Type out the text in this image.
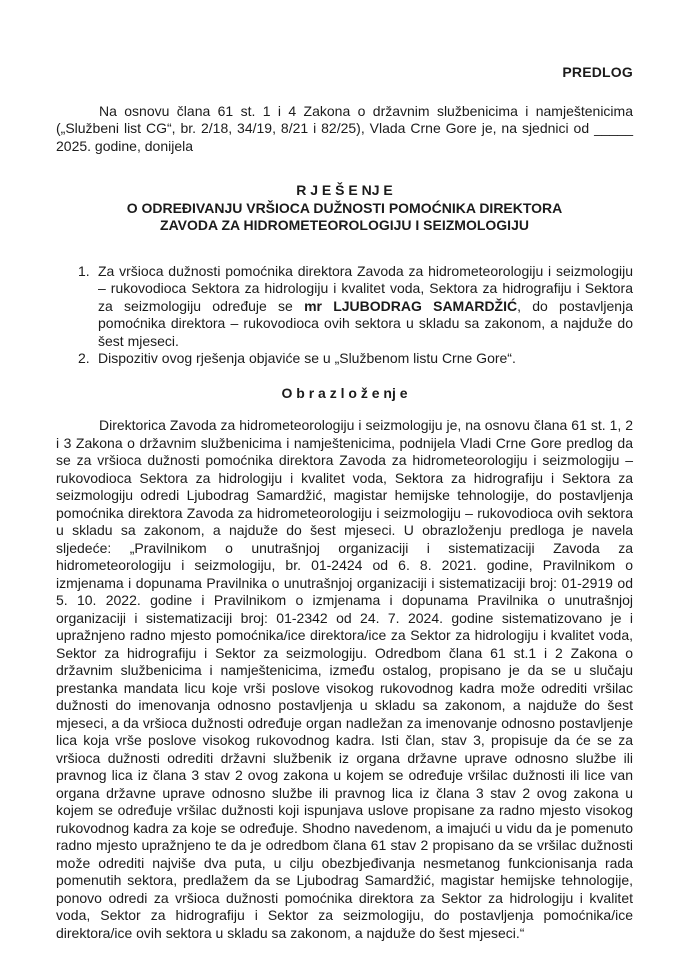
PREDLOG

Na osnovu člana 61 st. 1 i 4 Zakona o državnim službenicima i namještenicima („Službeni list CG“, br. 2/18, 34/19, 8/21 i 82/25), Vlada Crne Gore je, na sjednici od _____ 2025. godine, donijela

R J E Š E NJ E
O ODREĐIVANJU VRŠIOCA DUŽNOSTI POMOĆNIKA DIREKTORA
ZAVODA ZA HIDROMETEOROLOGIJU I SEIZMOLOGIJU
1. Za vršioca dužnosti pomoćnika direktora Zavoda za hidrometeorologiju i seizmologiju – rukovodioca Sektora za hidrologiju i kvalitet voda, Sektora za hidrografiju i Sektora za seizmologiju određuje se mr LJUBODRAG SAMARDŽIĆ, do postavljenja pomoćnika direktora – rukovodioca ovih sektora u skladu sa zakonom, a najduže do šest mjeseci.
2. Dispozitiv ovog rješenja objaviće se u „Službenom listu Crne Gore“.
O b r a z l o ž e nj e

Direktorica Zavoda za hidrometeorologiju i seizmologiju je, na osnovu člana 61 st. 1, 2 i 3 Zakona o državnim službenicima i namještenicima, podnijela Vladi Crne Gore predlog da se za vršioca dužnosti pomoćnika direktora Zavoda za hidrometeorologiju i seizmologiju – rukovodioca Sektora za hidrologiju i kvalitet voda, Sektora za hidrografiju i Sektora za seizmologiju odredi Ljubodrag Samardžić, magistar hemijske tehnologije, do postavljenja pomoćnika direktora Zavoda za hidrometeorologiju i seizmologiju – rukovodioca ovih sektora u skladu sa zakonom, a najduže do šest mjeseci. U obrazloženju predloga je navela sljedeće: „Pravilnikom o unutrašnjoj organizaciji i sistematizaciji Zavoda za hidrometeorologiju i seizmologiju, br. 01-2424 od 6. 8. 2021. godine, Pravilnikom o izmjenama i dopunama Pravilnika o unutrašnjoj organizaciji i sistematizaciji broj: 01-2919 od 5. 10. 2022. godine i Pravilnikom o izmjenama i dopunama Pravilnika o unutrašnjoj organizaciji i sistematizaciji broj: 01-2342 od 24. 7. 2024. godine sistematizovano je i upražnjeno radno mjesto pomoćnika/ice direktora/ice za Sektor za hidrologiju i kvalitet voda, Sektor za hidrografiju i Sektor za seizmologiju. Odredbom člana 61 st.1 i 2 Zakona o državnim službenicima i namještenicima, između ostalog, propisano je da se u slučaju prestanka mandata licu koje vrši poslove visokog rukovodnog kadra može odrediti vršilac dužnosti do imenovanja odnosno postavljenja u skladu sa zakonom, a najduže do šest mjeseci, a da vršioca dužnosti određuje organ nadležan za imenovanje odnosno postavljenje lica koja vrše poslove visokog rukovodnog kadra. Isti član, stav 3, propisuje da će se za vršioca dužnosti odrediti državni službenik iz organa državne uprave odnosno službe ili pravnog lica iz člana 3 stav 2 ovog zakona u kojem se određuje vršilac dužnosti ili lice van organa državne uprave odnosno službe ili pravnog lica iz člana 3 stav 2 ovog zakona u kojem se određuje vršilac dužnosti koji ispunjava uslove propisane za radno mjesto visokog rukovodnog kadra za koje se određuje. Shodno navedenom, a imajući u vidu da je pomenuto radno mjesto upražnjeno te da je odredbom člana 61 stav 2 propisano da se vršilac dužnosti može odrediti najviše dva puta, u cilju obezbjeđivanja nesmetanog funkcionisanja rada pomenutih sektora, predlažem da se Ljubodrag Samardžić, magistar hemijske tehnologije, ponovo odredi za vršioca dužnosti pomoćnika direktora za Sektor za hidrologiju i kvalitet voda, Sektor za hidrografiju i Sektor za seizmologiju, do postavljenja pomoćnika/ice direktora/ice ovih sektora u skladu sa zakonom, a najduže do šest mjeseci.“
